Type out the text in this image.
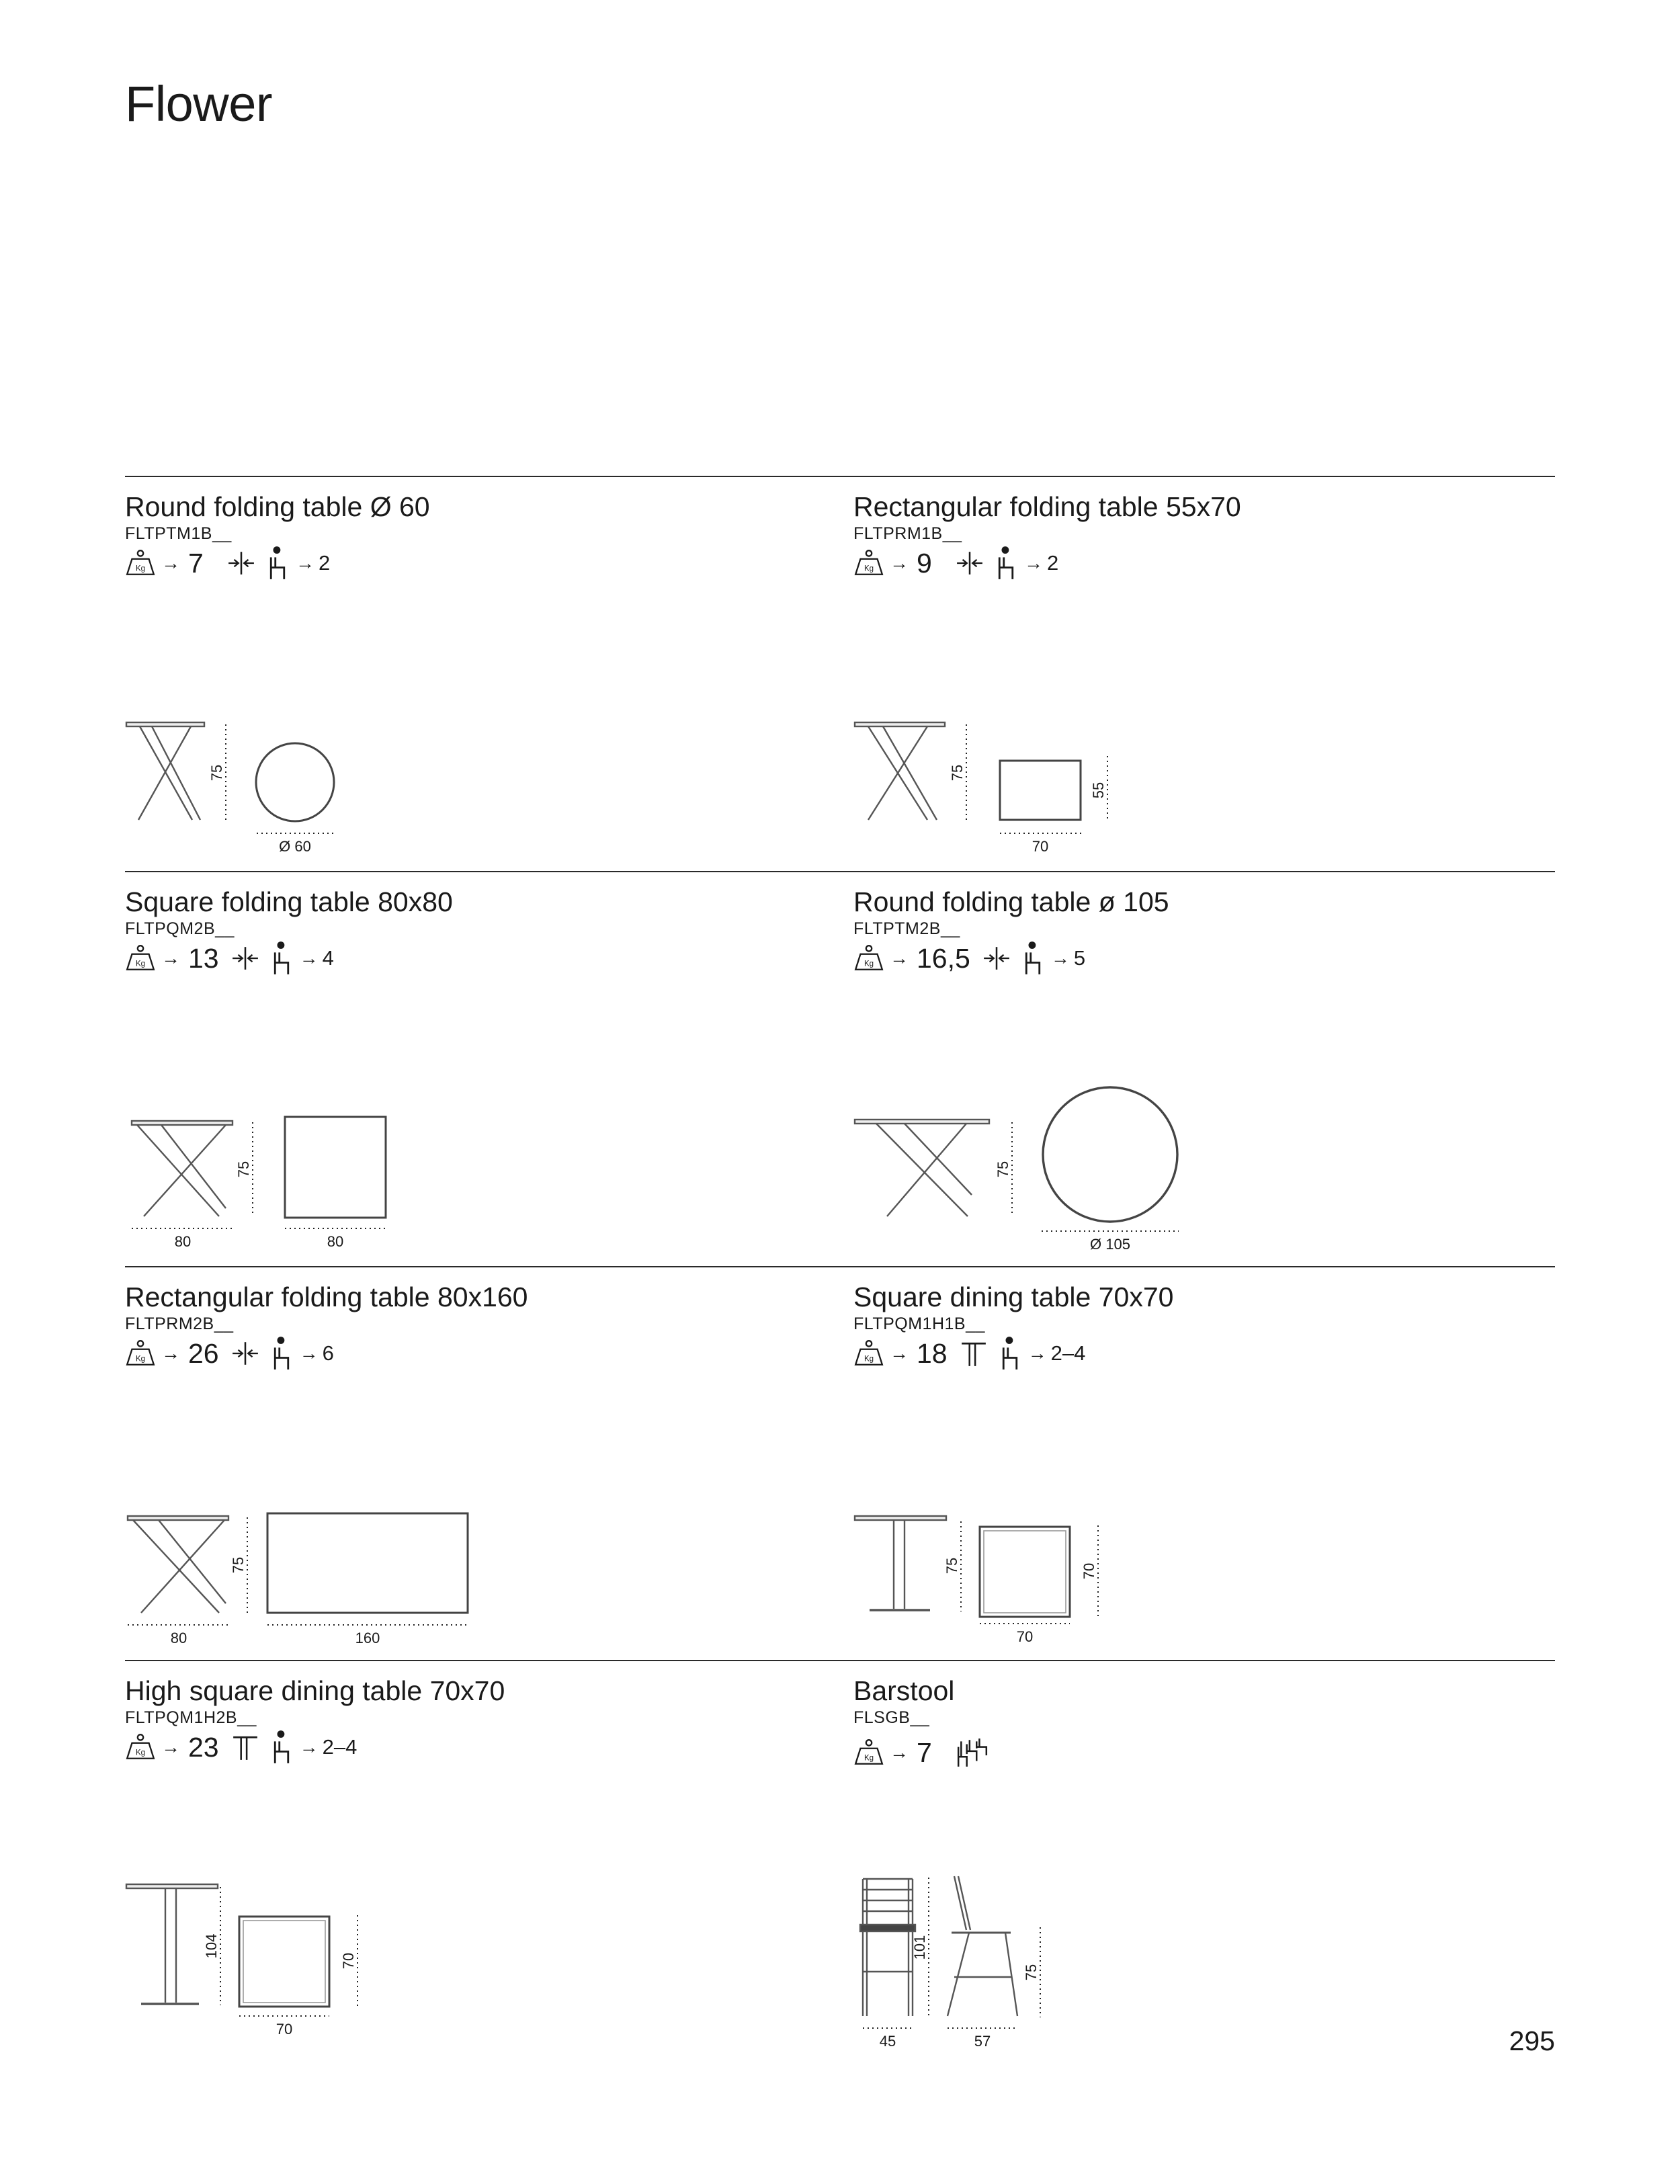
Flower
Round folding table Ø 60
FLTPTM1B__
→ 7	→ 2
75
Ø 60
Rectangular folding table 55x70
FLTPRM1B__
→ 9	→ 2
75
70
55
Square folding table 80x80
FLTPQM2B__
→ 13	→ 4
75
80	80
Round folding table ø 105
FLTPTM2B__
→ 16,5	→ 5
75
Ø 105
Rectangular folding table 80x160
FLTPRM2B__
→ 26	→ 6
75
80	160
Square dining table 70x70
FLTPQM1H1B__
→ 18	→ 2–4
75
70
70
High square dining table 70x70
FLTPQM1H2B__
→ 23	→ 2–4
104
70
70
Barstool
FLSGB__
→ 7
101
45	57
75
295
